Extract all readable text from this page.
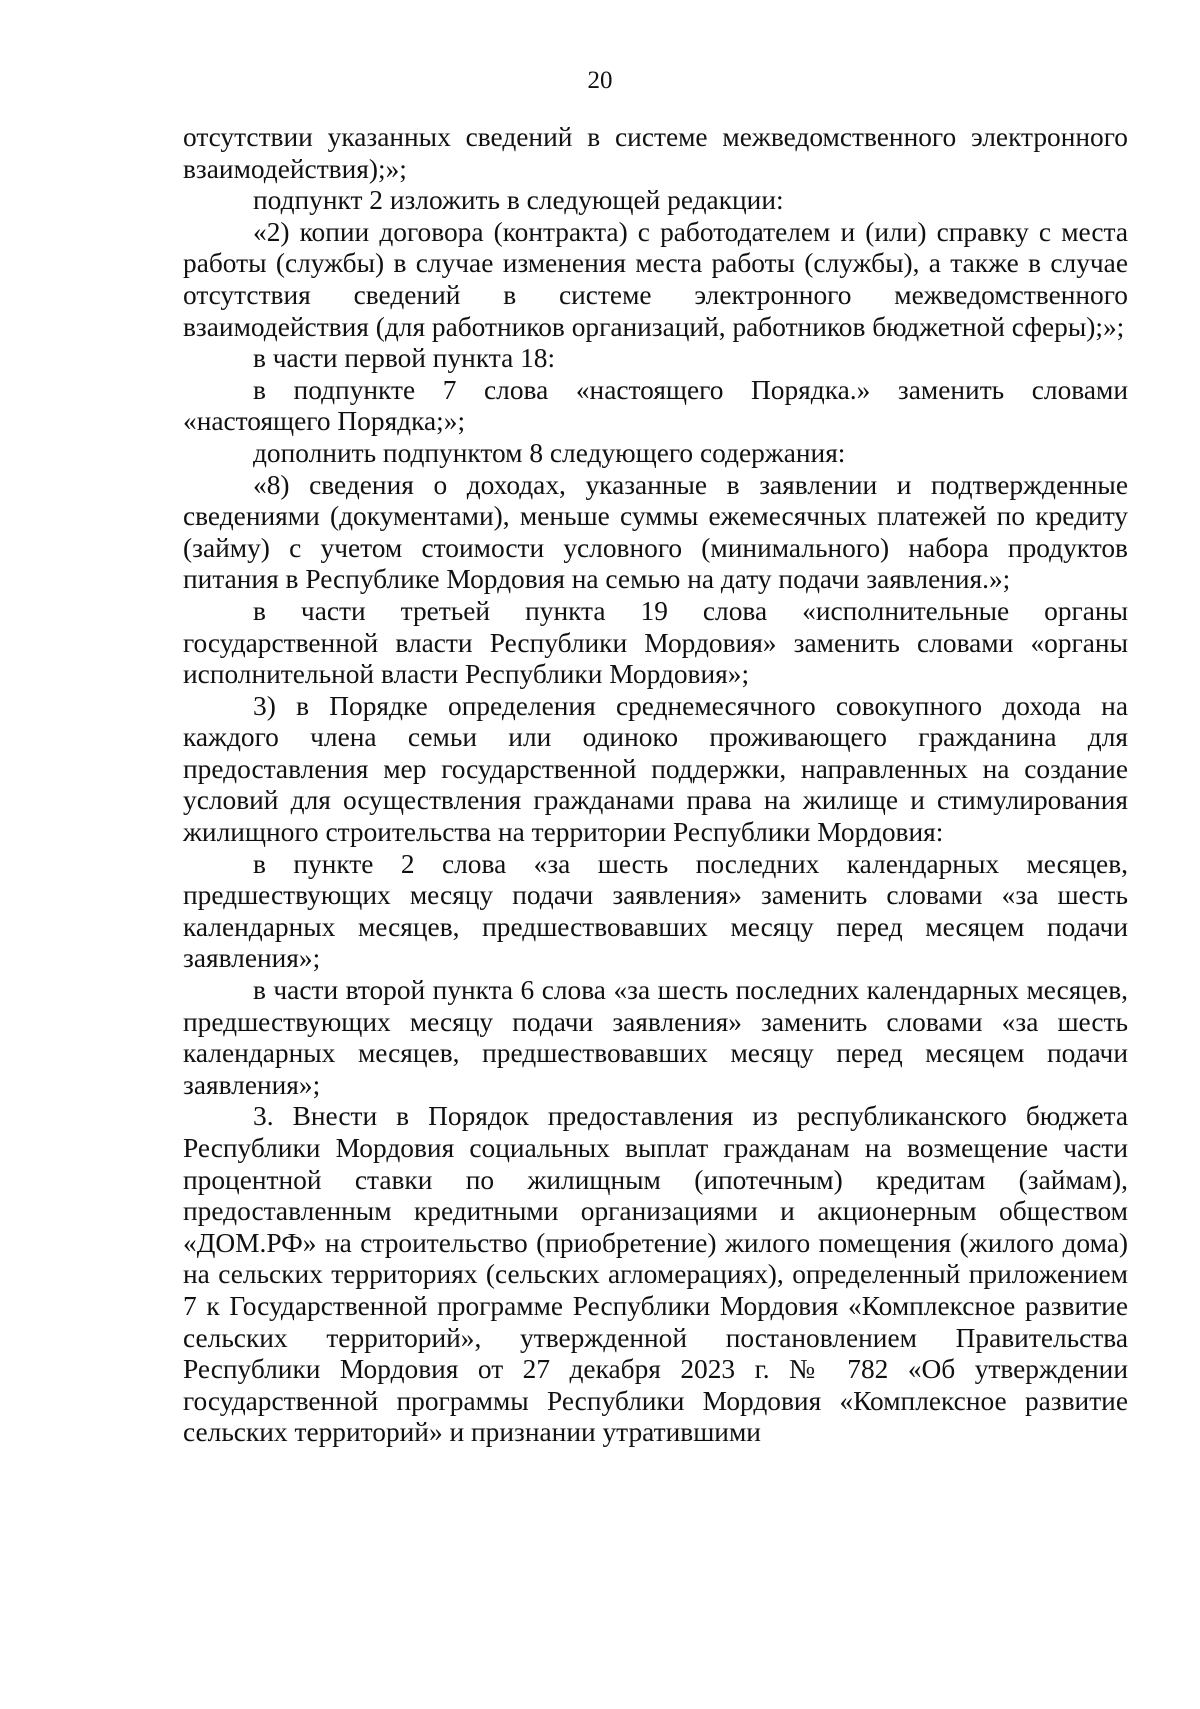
20

отсутствии указанных сведений в системе межведомственного электронного взаимодействия);»;

подпункт 2 изложить в следующей редакции:

«2) копии договора (контракта) с работодателем и (или) справку с места работы (службы) в случае изменения места работы (службы), а также в случае отсутствия сведений в системе электронного межведомственного взаимодействия (для работников организаций, работников бюджетной сферы);»;

в части первой пункта 18:

в подпункте 7 слова «настоящего Порядка.» заменить словами «настоящего Порядка;»;

дополнить подпунктом 8 следующего содержания:

«8) сведения о доходах, указанные в заявлении и подтвержденные сведениями (документами), меньше суммы ежемесячных платежей по кредиту (займу) с учетом стоимости условного (минимального) набора продуктов питания в Республике Мордовия на семью на дату подачи заявления.»;

в части третьей пункта 19 слова «исполнительные органы государственной власти Республики Мордовия» заменить словами «органы исполнительной власти Республики Мордовия»;

3) в Порядке определения среднемесячного совокупного дохода на каждого члена семьи или одиноко проживающего гражданина для предоставления мер государственной поддержки, направленных на создание условий для осуществления гражданами права на жилище и стимулирования жилищного строительства на территории Республики Мордовия:

в пункте 2 слова «за шесть последних календарных месяцев, предшествующих месяцу подачи заявления» заменить словами «за шесть календарных месяцев, предшествовавших месяцу перед месяцем подачи заявления»;

в части второй пункта 6 слова «за шесть последних календарных месяцев, предшествующих месяцу подачи заявления» заменить словами «за шесть календарных месяцев, предшествовавших месяцу перед месяцем подачи заявления»;

3. Внести в Порядок предоставления из республиканского бюджета Республики Мордовия социальных выплат гражданам на возмещение части процентной ставки по жилищным (ипотечным) кредитам (займам), предоставленным кредитными организациями и акционерным обществом «ДОМ.РФ» на строительство (приобретение) жилого помещения (жилого дома) на сельских территориях (сельских агломерациях), определенный приложением 7 к Государственной программе Республики Мордовия «Комплексное развитие сельских территорий», утвержденной постановлением Правительства Республики Мордовия от 27 декабря 2023 г. № 782 «Об утверждении государственной программы Республики Мордовия «Комплексное развитие сельских территорий» и признании утратившими
